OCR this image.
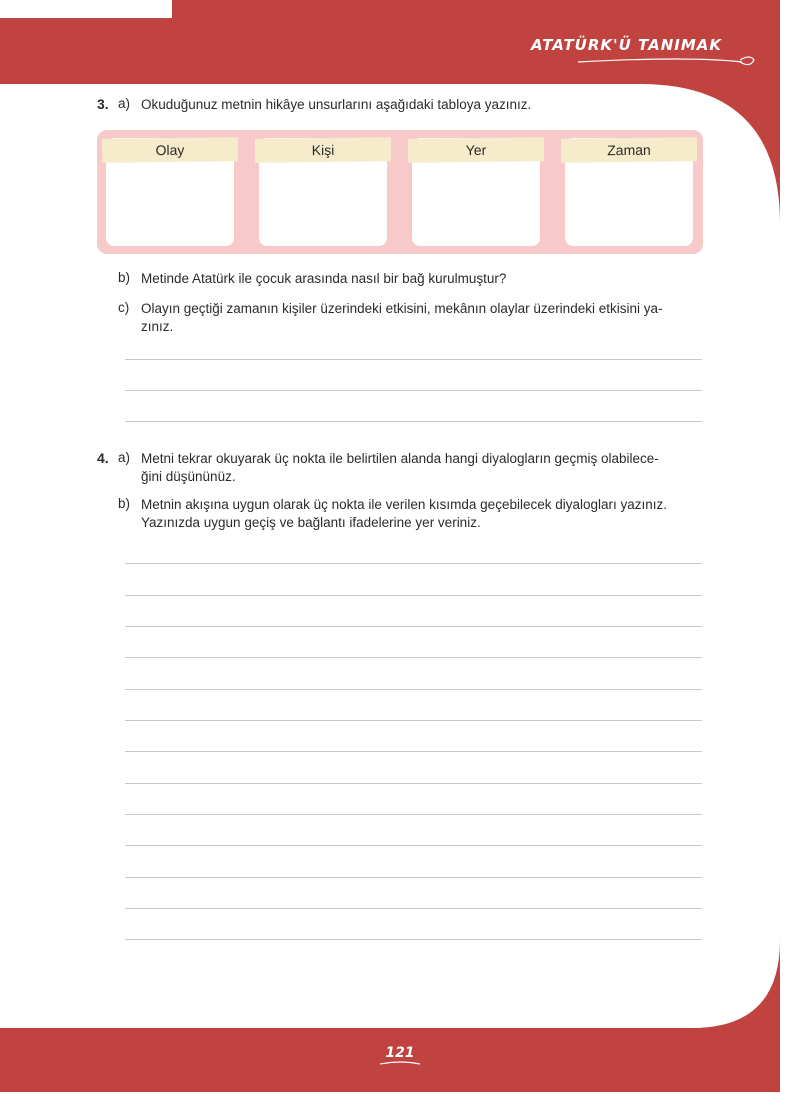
ATATÜRK'Ü TANIMAK
3. a) Okuduğunuz metnin hikâye unsurlarını aşağıdaki tabloya yazınız.
Olay	Kişi	Yer	Zaman
b) Metinde Atatürk ile çocuk arasında nasıl bir bağ kurulmuştur?
c) Olayın geçtiği zamanın kişiler üzerindeki etkisini, mekânın olaylar üzerindeki etkisini ya-
zınız.
4. a) Metni tekrar okuyarak üç nokta ile belirtilen alanda hangi diyalogların geçmiş olabilece-
ğini düşününüz.
b) Metnin akışına uygun olarak üç nokta ile verilen kısımda geçebilecek diyalogları yazınız.
Yazınızda uygun geçiş ve bağlantı ifadelerine yer veriniz.
121
